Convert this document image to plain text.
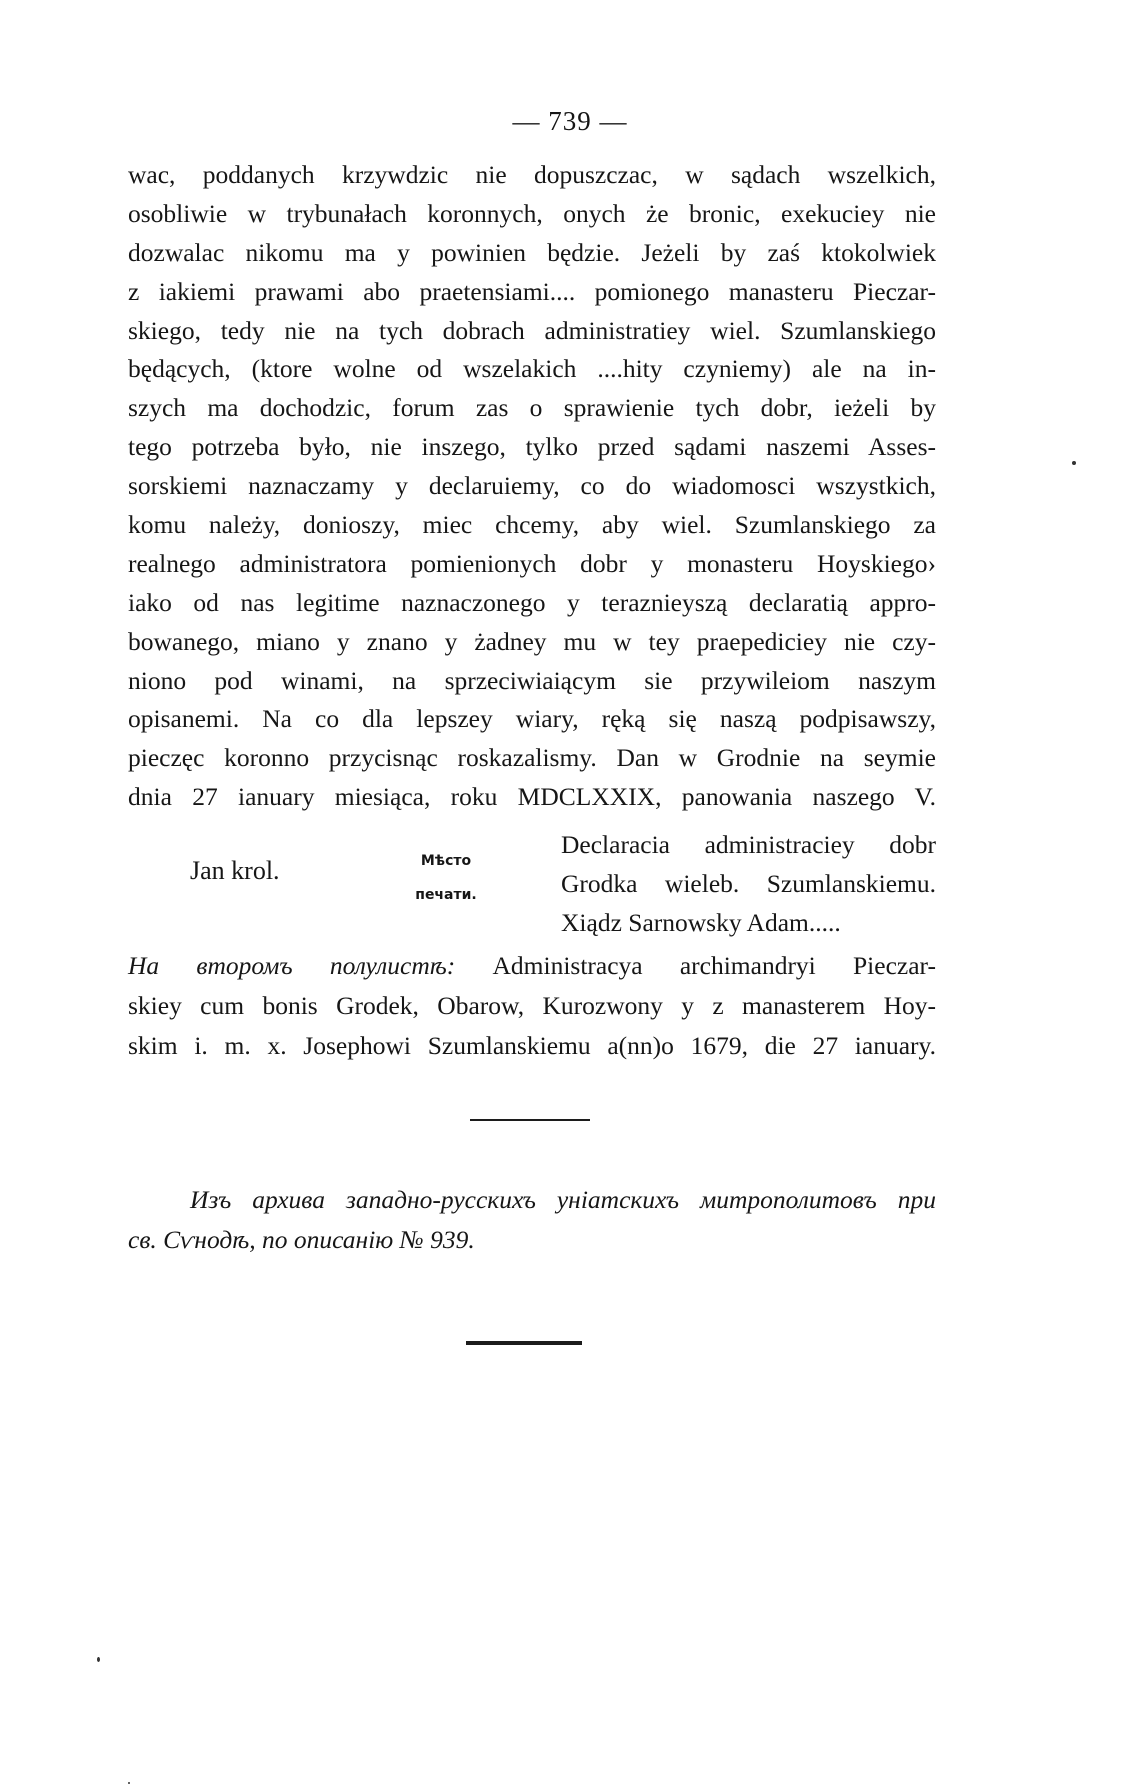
— 739 —
wac, poddanych krzywdzic nie dopuszczac, w sądach wszelkich,
osobliwie w trybunałach koronnych, onych że bronic, exekuciey nie
dozwalac nikomu ma y powinien będzie. Jeżeli by zaś ktokolwiek
z iakiemi prawami abo praetensiami.... pomionego manasteru Pieczar-
skiego, tedy nie na tych dobrach administratiey wiel. Szumlanskiego
będących, (ktore wolne od wszelakich ....hity czyniemy) ale na in-
szych ma dochodzic, forum zas o sprawienie tych dobr, ieżeli by
tego potrzeba było, nie inszego, tylko przed sądami naszemi Asses-
sorskiemi naznaczamy y declaruiemy, co do wiadomosci wszystkich,
komu należy, donioszy, miec chcemy, aby wiel. Szumlanskiego za
realnego administratora pomienionych dobr y monasteru Hoyskiego›
iako od nas legitime naznaczonego y teraznieyszą declaratią appro-
bowanego, miano y znano y żadney mu w tey praepediciey nie czy-
niono pod winami, na sprzeciwiaiącym sie przywileiom naszym
opisanemi. Na co dla lepszey wiary, ręką się naszą podpisawszy,
pieczęc koronno przycisnąc roskazalismy. Dan w Grodnie na seymie
dnia 27 ianuary miesiąca, roku MDCLXXIX, panowania naszego V.
Jan krol.	Мѣсто
печати.
Declaracia administraciey dobr
Grodka wieleb. Szumlanskiemu.
Xiądz Sarnowsky Adam.....
На второмъ полулистѣ: Administracya archimandryi Pieczar-
skiey cum bonis Grodek, Obarow, Kurozwony y z manasterem Hoy-
skim i. m. x. Josephowi Szumlanskiemu a(nn)o 1679, die 27 ianuary.
Изъ архива западно-русскихъ уніатскихъ митрополитовъ при
св. Сѵнодѣ, по описанію № 939.
